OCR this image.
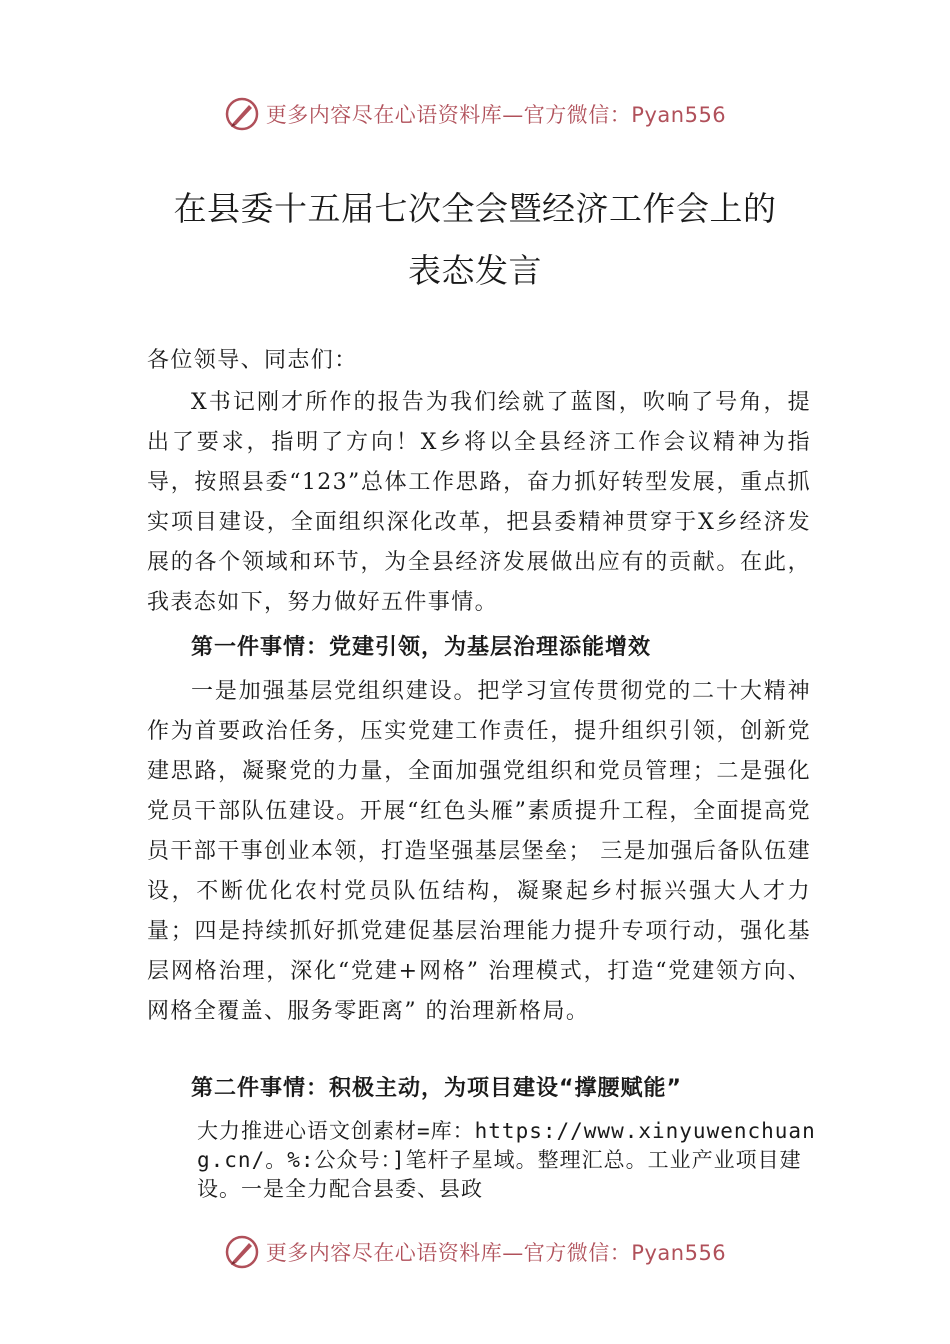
更多内容尽在心语资料库—官方微信：Pyan556
在县委十五届七次全会暨经济工作会上的
表态发言
各位领导、同志们：
X书记刚才所作的报告为我们绘就了蓝图，吹响了号角，提出了要求，指明了方向！X乡将以全县经济工作会议精神为指导，按照县委“123”总体工作思路，奋力抓好转型发展，重点抓实项目建设，全面组织深化改革，把县委精神贯穿于X乡经济发展的各个领域和环节，为全县经济发展做出应有的贡献。在此，我表态如下，努力做好五件事情。
第一件事情：党建引领，为基层治理添能增效
一是加强基层党组织建设。把学习宣传贯彻党的二十大精神作为首要政治任务，压实党建工作责任，提升组织引领，创新党建思路，凝聚党的力量，全面加强党组织和党员管理；二是强化党员干部队伍建设。开展“红色头雁”素质提升工程，全面提高党员干部干事创业本领，打造坚强基层堡垒； 三是加强后备队伍建设，不断优化农村党员队伍结构，凝聚起乡村振兴强大人才力量；四是持续抓好抓党建促基层治理能力提升专项行动，强化基层网格治理，深化“党建+网格” 治理模式，打造“党建领方向、网格全覆盖、服务零距离” 的治理新格局。
第二件事情：积极主动，为项目建设“撑腰赋能”
大力推进心语文创素材=库：https://www.xinyuwenchuang.cn/。%:公众号：]笔杆子星域。整理汇总。工业产业项目建设。一是全力配合县委、县政
更多内容尽在心语资料库—官方微信：Pyan556
